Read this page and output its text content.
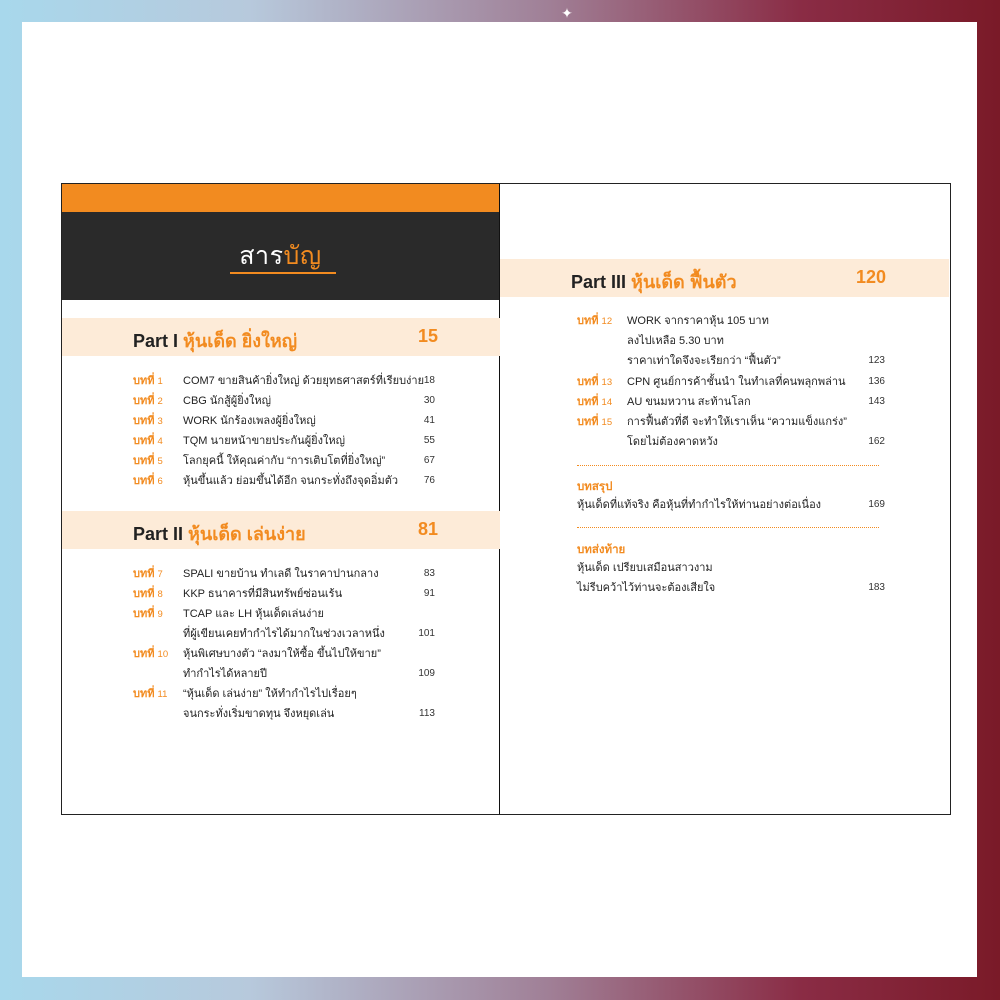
✦
สารบัญ
Part I หุ้นเด็ด ยิ่งใหญ่	15
บทที่ 1 COM7 ขายสินค้ายิ่งใหญ่ ด้วยยุทธศาสตร์ที่เรียบง่าย 18
บทที่ 2 CBG นักสู้ผู้ยิ่งใหญ่	30
บทที่ 3 WORK นักร้องเพลงผู้ยิ่งใหญ่	41
บทที่ 4 TQM นายหน้าขายประกันผู้ยิ่งใหญ่	55
บทที่ 5 โลกยุคนี้ ให้คุณค่ากับ “การเติบโตที่ยิ่งใหญ่”	67
บทที่ 6 หุ้นขึ้นแล้ว ย่อมขึ้นได้อีก จนกระทั่งถึงจุดอิ่มตัว	76
Part II หุ้นเด็ด เล่นง่าย	81
บทที่ 7 SPALI ขายบ้าน ทำเลดี ในราคาปานกลาง	83
บทที่ 8 KKP ธนาคารที่มีสินทรัพย์ซ่อนเร้น	91
บทที่ 9 TCAP และ LH หุ้นเด็ดเล่นง่าย
ที่ผู้เขียนเคยทำกำไรได้มากในช่วงเวลาหนึ่ง	101
บทที่ 10 หุ้นพิเศษบางตัว “ลงมาให้ซื้อ ขึ้นไปให้ขาย”
ทำกำไรได้หลายปี	109
บทที่ 11 “หุ้นเด็ด เล่นง่าย” ให้ทำกำไรไปเรื่อยๆ
จนกระทั่งเริ่มขาดทุน จึงหยุดเล่น	113
Part III หุ้นเด็ด ฟื้นตัว	120
บทที่ 12 WORK จากราคาหุ้น 105 บาท
ลงไปเหลือ 5.30 บาท
ราคาเท่าใดจึงจะเรียกว่า “ฟื้นตัว”	123
บทที่ 13 CPN ศูนย์การค้าชั้นนำ ในทำเลที่คนพลุกพล่าน	136
บทที่ 14 AU ขนมหวาน สะท้านโลก	143
บทที่ 15 การฟื้นตัวที่ดี จะทำให้เราเห็น “ความแข็งแกร่ง”
โดยไม่ต้องคาดหวัง	162
บทสรุป
หุ้นเด็ดที่แท้จริง คือหุ้นที่ทำกำไรให้ท่านอย่างต่อเนื่อง	169
บทส่งท้าย
หุ้นเด็ด เปรียบเสมือนสาวงาม
ไม่รีบคว้าไว้ท่านจะต้องเสียใจ	183
